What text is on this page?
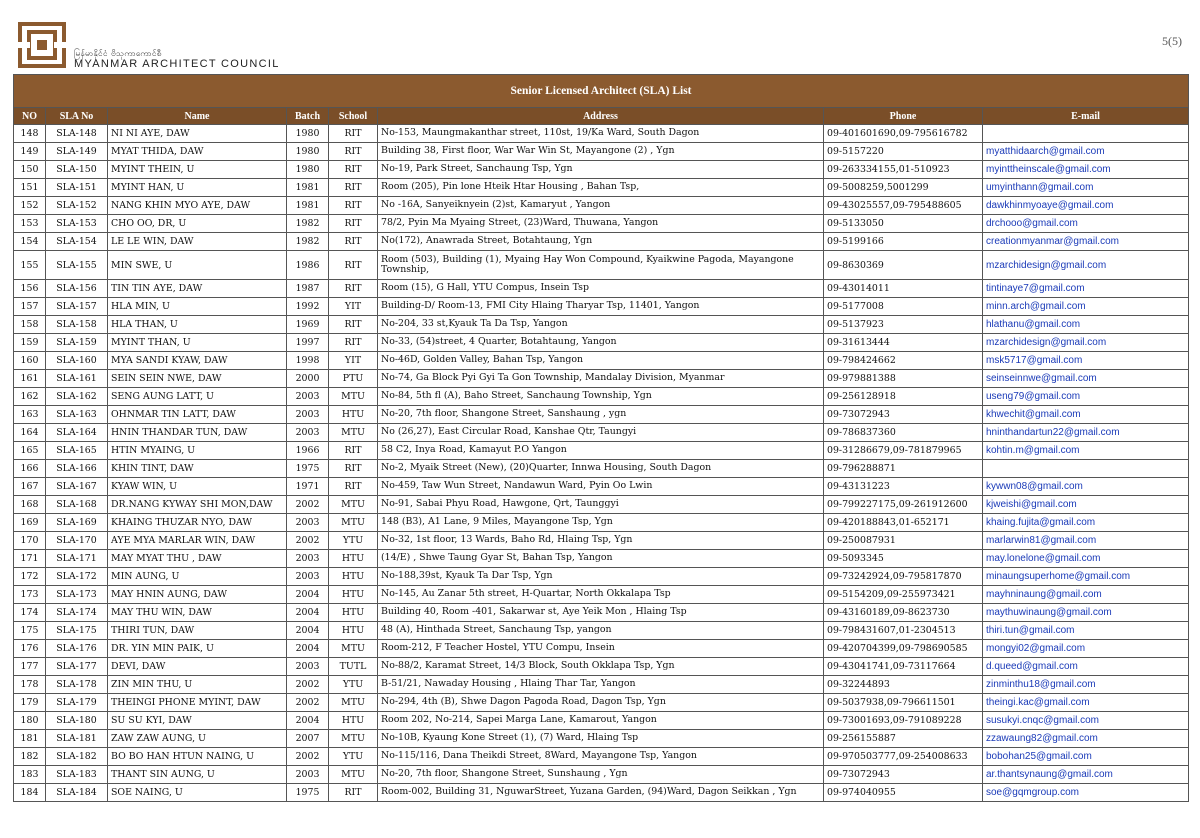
မြန်မာနိုင်ငံ ဗိသုကာကောင်စီ
MYANMAR ARCHITECT COUNCIL
5(5)
Senior Licensed Architect (SLA) List							
NO	SLA No	Name	Batch	School	Address	Phone	E-mail
148	SLA-148	NI NI AYE, DAW	1980	RIT	No-153, Maungmakanthar street, 110st, 19/Ka Ward, South Dagon	09-401601690,09-795616782	
149	SLA-149	MYAT THIDA, DAW	1980	RIT	Building 38, First floor, War War Win St, Mayangone (2) , Ygn	09-5157220	myatthidaarch@gmail.com
150	SLA-150	MYINT THEIN, U	1980	RIT	No-19, Park Street, Sanchaung Tsp, Ygn	09-263334155,01-510923	myinttheinscale@gmail.com
151	SLA-151	MYINT HAN, U	1981	RIT	Room (205), Pin lone Hteik Htar Housing , Bahan Tsp,	09-5008259,5001299	umyinthann@gmail.com
152	SLA-152	NANG KHIN MYO AYE, DAW	1981	RIT	No -16A, Sanyeiknyein (2)st, Kamaryut , Yangon	09-43025557,09-795488605	dawkhinmyoaye@gmail.com
153	SLA-153	CHO OO, DR, U	1982	RIT	78/2, Pyin Ma Myaing Street, (23)Ward, Thuwana, Yangon	09-5133050	drchooo@gmail.com
154	SLA-154	LE LE WIN, DAW	1982	RIT	No(172), Anawrada Street, Botahtaung, Ygn	09-5199166	creationmyanmar@gmail.com
155	SLA-155	MIN SWE, U	1986	RIT	Room (503), Building (1), Myaing Hay Won Compound, Kyaikwine Pagoda, Mayangone Township,	09-8630369	mzarchidesign@gmail.com
156	SLA-156	TIN TIN AYE, DAW	1987	RIT	Room (15), G Hall, YTU Compus, Insein Tsp	09-43014011	tintinaye7@gmail.com
157	SLA-157	HLA MIN, U	1992	YIT	Building-D/ Room-13, FMI City Hlaing Tharyar Tsp, 11401, Yangon	09-5177008	minn.arch@gmail.com
158	SLA-158	HLA THAN, U	1969	RIT	No-204, 33 st,Kyauk Ta Da Tsp, Yangon	09-5137923	hlathanu@gmail.com
159	SLA-159	MYINT THAN, U	1997	RIT	No-33, (54)street, 4 Quarter, Botahtaung, Yangon	09-31613444	mzarchidesign@gmail.com
160	SLA-160	MYA SANDI KYAW, DAW	1998	YIT	No-46D, Golden Valley, Bahan Tsp, Yangon	09-798424662	msk5717@gmail.com
161	SLA-161	SEIN SEIN NWE, DAW	2000	PTU	No-74, Ga Block Pyi Gyi Ta Gon Township, Mandalay Division, Myanmar	09-979881388	seinseinnwe@gmail.com
162	SLA-162	SENG AUNG LATT, U	2003	MTU	No-84, 5th fl (A), Baho Street, Sanchaung Township, Ygn	09-256128918	useng79@gmail.com
163	SLA-163	OHNMAR TIN LATT, DAW	2003	HTU	No-20, 7th floor, Shangone Street, Sanshaung , ygn	09-73072943	khwechit@gmail.com
164	SLA-164	HNIN THANDAR TUN, DAW	2003	MTU	No (26,27), East Circular Road, Kanshae Qtr, Taungyi	09-786837360	hninthandartun22@gmail.com
165	SLA-165	HTIN MYAING, U	1966	RIT	58 C2, Inya Road, Kamayut P.O Yangon	09-31286679,09-781879965	kohtin.m@gmail.com
166	SLA-166	KHIN TINT, DAW	1975	RIT	No-2, Myaik Street (New), (20)Quarter, Innwa Housing, South Dagon	09-796288871	
167	SLA-167	KYAW WIN, U	1971	RIT	No-459, Taw Wun Street, Nandawun Ward, Pyin Oo Lwin	09-43131223	kywwn08@gmail.com
168	SLA-168	DR.NANG KYWAY SHI MON,DAW	2002	MTU	No-91, Sabai Phyu Road, Hawgone, Qrt, Taunggyi	09-799227175,09-261912600	kjweishi@gmail.com
169	SLA-169	KHAING THUZAR NYO, DAW	2003	MTU	148 (B3), A1 Lane, 9 Miles, Mayangone Tsp, Ygn	09-420188843,01-652171	khaing.fujita@gmail.com
170	SLA-170	AYE MYA MARLAR WIN, DAW	2002	YTU	No-32, 1st floor, 13 Wards, Baho Rd, Hlaing Tsp, Ygn	09-250087931	marlarwin81@gmail.com
171	SLA-171	MAY MYAT THU , DAW	2003	HTU	(14/E) , Shwe Taung Gyar St, Bahan Tsp, Yangon	09-5093345	may.lonelone@gmail.com
172	SLA-172	MIN AUNG, U	2003	HTU	No-188,39st, Kyauk Ta Dar Tsp, Ygn	09-73242924,09-795817870	minaungsuperhome@gmail.com
173	SLA-173	MAY HNIN AUNG, DAW	2004	HTU	No-145, Au Zanar 5th street, H-Quartar, North Okkalapa Tsp	09-5154209,09-255973421	mayhninaung@gmail.com
174	SLA-174	MAY THU WIN, DAW	2004	HTU	Building 40, Room -401, Sakarwar st, Aye Yeik Mon , Hlaing Tsp	09-43160189,09-8623730	maythuwinaung@gmail.com
175	SLA-175	THIRI TUN, DAW	2004	HTU	48 (A), Hinthada Street, Sanchaung Tsp, yangon	09-798431607,01-2304513	thiri.tun@gmail.com
176	SLA-176	DR. YIN MIN PAIK, U	2004	MTU	Room-212, F Teacher Hostel, YTU Compu, Insein	09-420704399,09-798690585	mongyi02@gmail.com
177	SLA-177	DEVI, DAW	2003	TUTL	No-88/2, Karamat Street, 14/3 Block, South Okklapa Tsp, Ygn	09-43041741,09-73117664	d.queed@gmail.com
178	SLA-178	ZIN MIN THU, U	2002	YTU	B-51/21, Nawaday Housing , Hlaing Thar Tar, Yangon	09-32244893	zinminthu18@gmail.com
179	SLA-179	THEINGI PHONE MYINT, DAW	2002	MTU	No-294, 4th (B), Shwe Dagon Pagoda Road, Dagon Tsp, Ygn	09-5037938,09-796611501	theingi.kac@gmail.com
180	SLA-180	SU SU KYI, DAW	2004	HTU	Room 202, No-214, Sapei Marga Lane, Kamarout, Yangon	09-73001693,09-791089228	susukyi.cnqc@gmail.com
181	SLA-181	ZAW ZAW AUNG, U	2007	MTU	No-10B, Kyaung Kone Street (1), (7) Ward, Hlaing Tsp	09-256155887	zzawaung82@gmail.com
182	SLA-182	BO BO HAN HTUN NAING, U	2002	YTU	No-115/116, Dana Theikdi Street, 8Ward, Mayangone Tsp, Yangon	09-970503777,09-254008633	bobohan25@gmail.com
183	SLA-183	THANT SIN AUNG, U	2003	MTU	No-20, 7th floor, Shangone Street, Sunshaung , Ygn	09-73072943	ar.thantsynaung@gmail.com
184	SLA-184	SOE NAING, U	1975	RIT	Room-002, Building 31, NguwarStreet, Yuzana Garden, (94)Ward, Dagon Seikkan , Ygn	09-974040955	soe@gqmgroup.com
